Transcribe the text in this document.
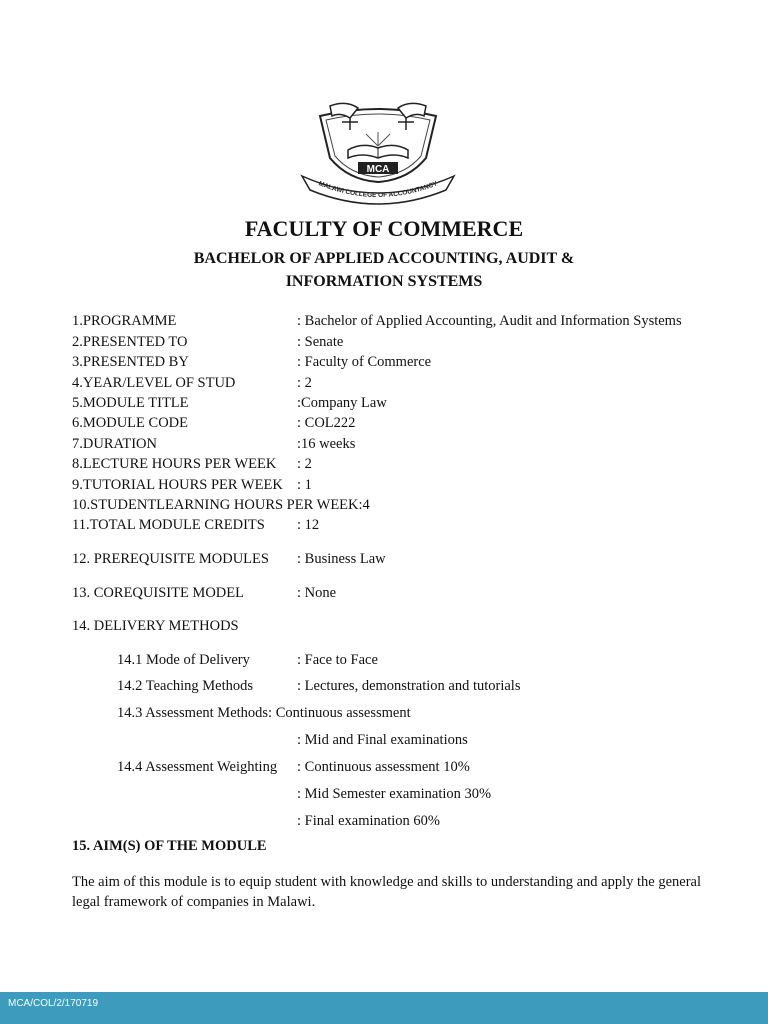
MCA
MALAWI COLLEGE OF ACCOUNTANCY
FACULTY OF COMMERCE
BACHELOR OF APPLIED ACCOUNTING, AUDIT &
INFORMATION SYSTEMS
1.PROGRAMME	: Bachelor of Applied Accounting, Audit and Information Systems
2.PRESENTED TO	: Senate
3.PRESENTED BY	: Faculty of Commerce
4.YEAR/LEVEL OF STUD	: 2
5.MODULE TITLE	:Company Law
6.MODULE CODE	: COL222
7.DURATION	:16 weeks
8.LECTURE HOURS PER WEEK : 2
9.TUTORIAL HOURS PER WEEK : 1
10.STUDENTLEARNING HOURS PER WEEK:4
11.TOTAL MODULE CREDITS : 12
12. PREREQUISITE MODULES : Business Law
13. COREQUISITE MODEL	: None
14. DELIVERY METHODS
14.1 Mode of Delivery	: Face to Face
14.2 Teaching Methods	: Lectures, demonstration and tutorials
14.3 Assessment Methods: Continuous assessment
: Mid and Final examinations
14.4 Assessment Weighting : Continuous assessment 10%
: Mid Semester examination 30%
: Final examination 60%
15. AIM(S) OF THE MODULE
The aim of this module is to equip student with knowledge and skills to understanding and apply the general legal framework of companies in Malawi.
MCA/COL/2/170719
